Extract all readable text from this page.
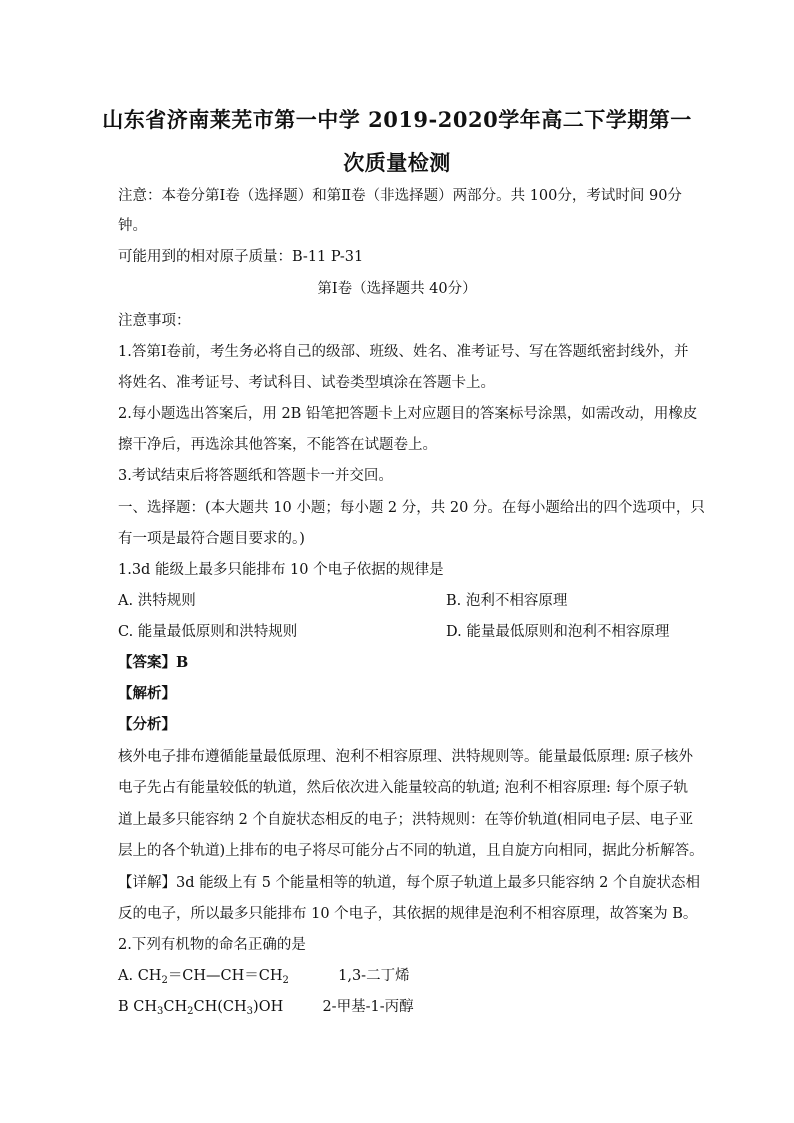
山东省济南莱芜市第一中学 2019-2020学年高二下学期第一
次质量检测
注意：本卷分第Ⅰ卷（选择题）和第Ⅱ卷（非选择题）两部分。共 100分，考试时间 90分
钟。
可能用到的相对原子质量：B-11 P-31
第Ⅰ卷（选择题共 40分）
注意事项：
1.答第Ⅰ卷前，考生务必将自己的级部、班级、姓名、准考证号、写在答题纸密封线外，并
将姓名、准考证号、考试科目、试卷类型填涂在答题卡上。
2.每小题选出答案后，用 2B 铅笔把答题卡上对应题目的答案标号涂黑，如需改动，用橡皮
擦干净后，再选涂其他答案，不能答在试题卷上。
3.考试结束后将答题纸和答题卡一并交回。
一、选择题：(本大题共 10 小题；每小题 2 分，共 20 分。在每小题给出的四个选项中，只
有一项是最符合题目要求的。)
1.3d 能级上最多只能排布 10 个电子依据的规律是
A. 洪特规则	B. 泡利不相容原理
C. 能量最低原则和洪特规则	D. 能量最低原则和泡利不相容原理
【答案】B
【解析】
【分析】
核外电子排布遵循能量最低原理、泡利不相容原理、洪特规则等。能量最低原理: 原子核外
电子先占有能量较低的轨道，然后依次进入能量较高的轨道; 泡利不相容原理: 每个原子轨
道上最多只能容纳 2 个自旋状态相反的电子；洪特规则：在等价轨道(相同电子层、电子亚
层上的各个轨道)上排布的电子将尽可能分占不同的轨道，且自旋方向相同，据此分析解答。
【详解】3d 能级上有 5 个能量相等的轨道，每个原子轨道上最多只能容纳 2 个自旋状态相
反的电子，所以最多只能排布 10 个电子，其依据的规律是泡利不相容原理，故答案为 B。
2.下列有机物的命名正确的是
A. $CH_2=CH—CH=CH_2$	1,3-二丁烯
B $CH_3CH_2CH(CH_3)OH$	2-甲基-1-丙醇
